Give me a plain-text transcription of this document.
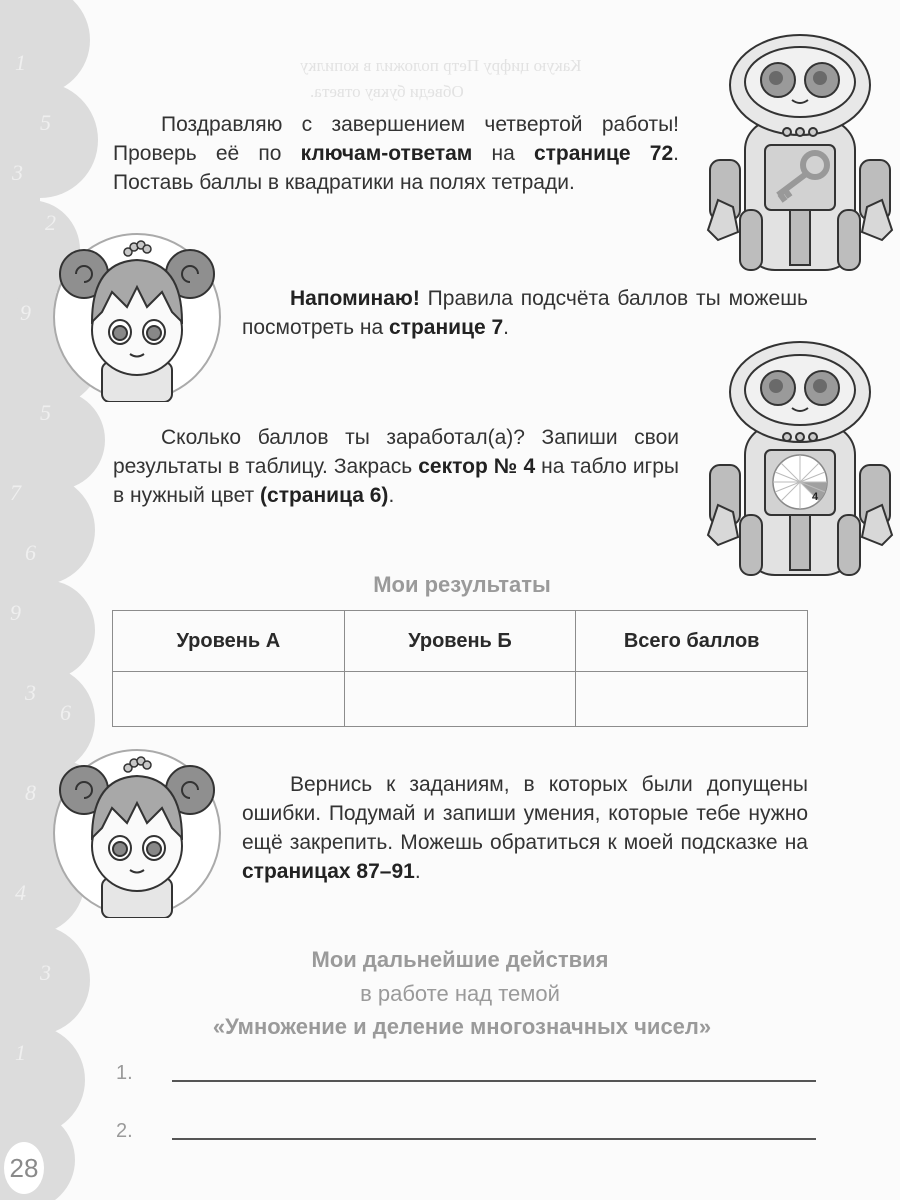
1
5
3
2
9
5
7
6
9
3
6
8
4
3
1
28
Какую цифру Петр положил в копилку
Обведи букву ответа.
Поздравляю с завершением четвертой работы! Проверь её по ключам-ответам на странице 72. Поставь баллы в квадратики на полях тетради.
Напоминаю! Правила подсчёта баллов ты можешь посмотреть на странице 7.
Сколько баллов ты заработал(а)? Запиши свои результаты в таблицу. Закрась сектор № 4 на табло игры в нужный цвет (страница 6).	4
Мои результаты
Уровень А	Уровень Б	Всего баллов

Вернись к заданиям, в которых были допущены ошибки. Подумай и запиши умения, которые тебе нужно ещё закрепить. Можешь обратиться к моей подсказке на страницах 87–91.
Мои дальнейшие действия
в работе над темой
«Умножение и деление многозначных чисел»
1.
2.
